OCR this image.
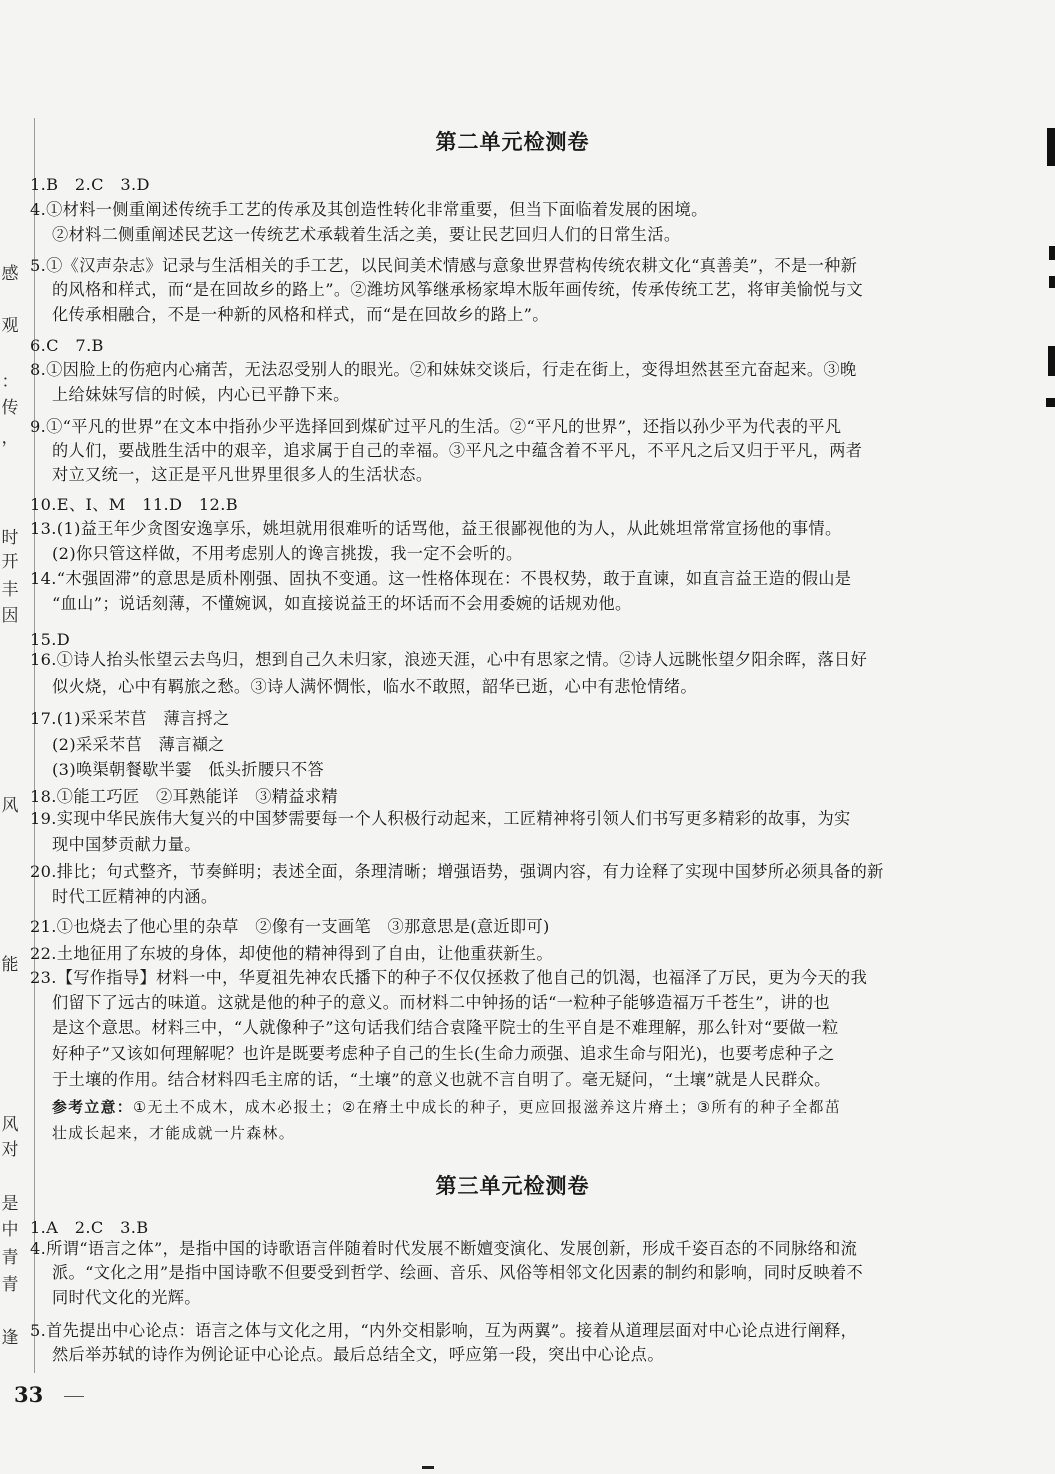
感
观
：
传
，
时
开
丰
因
风
能
风
对
是
中
青
青
逢
第二单元检测卷
1.B　2.C　3.D
4.①材料一侧重阐述传统手工艺的传承及其创造性转化非常重要，但当下面临着发展的困境。
②材料二侧重阐述民艺这一传统艺术承载着生活之美，要让民艺回归人们的日常生活。
5.①《汉声杂志》记录与生活相关的手工艺，以民间美术情感与意象世界营构传统农耕文化“真善美”，不是一种新
的风格和样式，而“是在回故乡的路上”。②潍坊风筝继承杨家埠木版年画传统，传承传统工艺，将审美愉悦与文
化传承相融合，不是一种新的风格和样式，而“是在回故乡的路上”。
6.C　7.B
8.①因脸上的伤疤内心痛苦，无法忍受别人的眼光。②和妹妹交谈后，行走在街上，变得坦然甚至亢奋起来。③晚
上给妹妹写信的时候，内心已平静下来。
9.①“平凡的世界”在文本中指孙少平选择回到煤矿过平凡的生活。②“平凡的世界”，还指以孙少平为代表的平凡
的人们，要战胜生活中的艰辛，追求属于自己的幸福。③平凡之中蕴含着不平凡，不平凡之后又归于平凡，两者
对立又统一，这正是平凡世界里很多人的生活状态。
10.E、I、M　11.D　12.B
13.(1)益王年少贪图安逸享乐，姚坦就用很难听的话骂他，益王很鄙视他的为人，从此姚坦常常宣扬他的事情。
(2)你只管这样做，不用考虑别人的谗言挑拨，我一定不会听的。
14.“木强固滞”的意思是质朴刚强、固执不变通。这一性格体现在：不畏权势，敢于直谏，如直言益王造的假山是
“血山”；说话刻薄，不懂婉讽，如直接说益王的坏话而不会用委婉的话规劝他。
15.D
16.①诗人抬头怅望云去鸟归，想到自己久未归家，浪迹天涯，心中有思家之情。②诗人远眺怅望夕阳余晖，落日好
似火烧，心中有羁旅之愁。③诗人满怀惆怅，临水不敢照，韶华已逝，心中有悲怆情绪。
17.(1)采采芣苢　薄言捋之
(2)采采芣苢　薄言襭之
(3)唤渠朝餐歇半霎　低头折腰只不答
18.①能工巧匠　②耳熟能详　③精益求精
19.实现中华民族伟大复兴的中国梦需要每一个人积极行动起来，工匠精神将引领人们书写更多精彩的故事，为实
现中国梦贡献力量。
20.排比；句式整齐，节奏鲜明；表述全面，条理清晰；增强语势，强调内容，有力诠释了实现中国梦所必须具备的新
时代工匠精神的内涵。
21.①也烧去了他心里的杂草　②像有一支画笔　③那意思是(意近即可)
22.土地征用了东坡的身体，却使他的精神得到了自由，让他重获新生。
23.【写作指导】材料一中，华夏祖先神农氏播下的种子不仅仅拯救了他自己的饥渴，也福泽了万民，更为今天的我
们留下了远古的味道。这就是他的种子的意义。而材料二中钟扬的话“一粒种子能够造福万千苍生”，讲的也
是这个意思。材料三中，“人就像种子”这句话我们结合袁隆平院士的生平自是不难理解，那么针对“要做一粒
好种子”又该如何理解呢？也许是既要考虑种子自己的生长(生命力顽强、追求生命与阳光)，也要考虑种子之
于土壤的作用。结合材料四毛主席的话，“土壤”的意义也就不言自明了。毫无疑问，“土壤”就是人民群众。
参考立意：①无土不成木，成木必报土；②在瘠土中成长的种子，更应回报滋养这片瘠土；③所有的种子全都茁
壮成长起来，才能成就一片森林。
第三单元检测卷
1.A　2.C　3.B
4.所谓“语言之体”，是指中国的诗歌语言伴随着时代发展不断嬗变演化、发展创新，形成千姿百态的不同脉络和流
派。“文化之用”是指中国诗歌不但要受到哲学、绘画、音乐、风俗等相邻文化因素的制约和影响，同时反映着不
同时代文化的光辉。
5.首先提出中心论点：语言之体与文化之用，“内外交相影响，互为两翼”。接着从道理层面对中心论点进行阐释，
然后举苏轼的诗作为例论证中心论点。最后总结全文，呼应第一段，突出中心论点。
33
